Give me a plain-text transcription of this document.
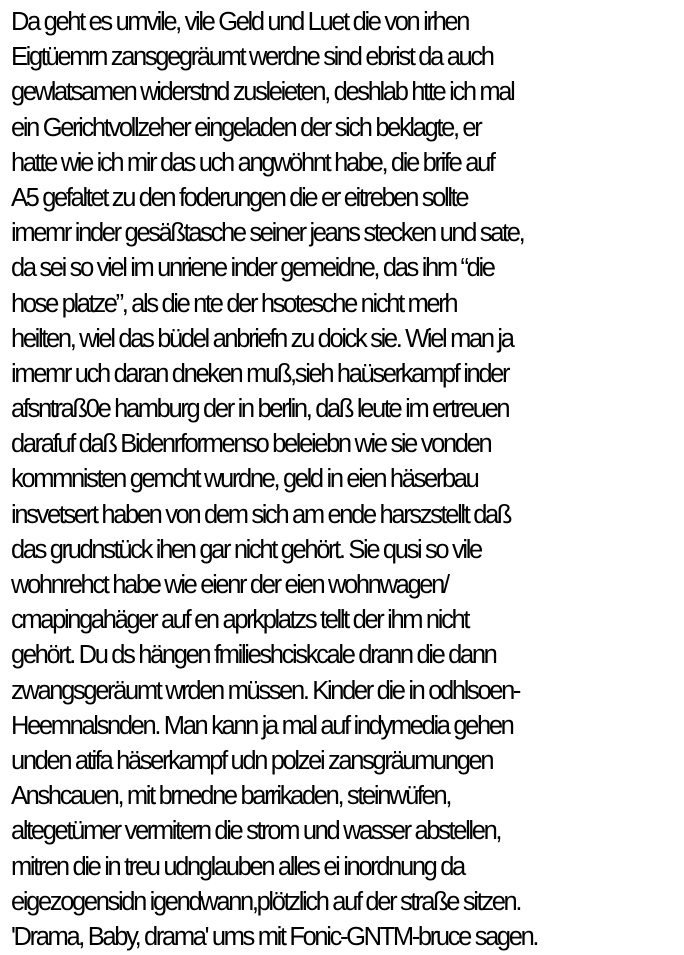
Da geht es umvile, vile Geld und Luet die von irhen
Eigtüemrn zansgegräumt werdne sind ebrist da auch
gewlatsamen widerstnd zusleieten, deshlab htte ich mal
ein Gerichtvollzeher eingeladen der sich beklagte, er
hatte wie ich mir das uch angwöhnt habe, die brife auf
A5 gefaltet zu den foderungen die er eitreben sollte
imemr inder gesäßtasche seiner jeans stecken und sate,
da sei so viel im unriene inder gemeidne, das ihm “die
hose platze”, als die nte der hsotesche nicht merh
heilten, wiel das büdel anbriefn zu doick sie. Wiel man ja
imemr uch daran dneken muß,sieh haüserkampf inder
afsntraß0e hamburg der in berlin, daß leute im ertreuen
darafuf daß Bidenrformenso beleiebn wie sie vonden
kommnisten gemcht wurdne, geld in eien häserbau
insvetsert haben von dem sich am ende harszstellt daß
das grudnstück ihen gar nicht gehört. Sie qusi so vile
wohnrehct habe wie eienr der eien wohnwagen/
cmapingahäger auf en aprkplatzs tellt der ihm nicht
gehört. Du ds hängen fmilieshciskcale drann die dann
zwangsgeräumt wrden müssen. Kinder die in odhlsoen-
Heemnalsnden. Man kann ja mal auf indymedia gehen
unden atifa häserkampf udn polzei zansgräumungen
Anshcauen, mit brnedne barrikaden, steinwüfen,
altegetümer vermitern die strom und wasser abstellen,
mitren die in treu udnglauben alles ei inordnung da
eigezogensidn igendwann,plötzlich auf der straße sitzen.
'Drama, Baby, drama' ums mit Fonic-GNTM-bruce sagen.
